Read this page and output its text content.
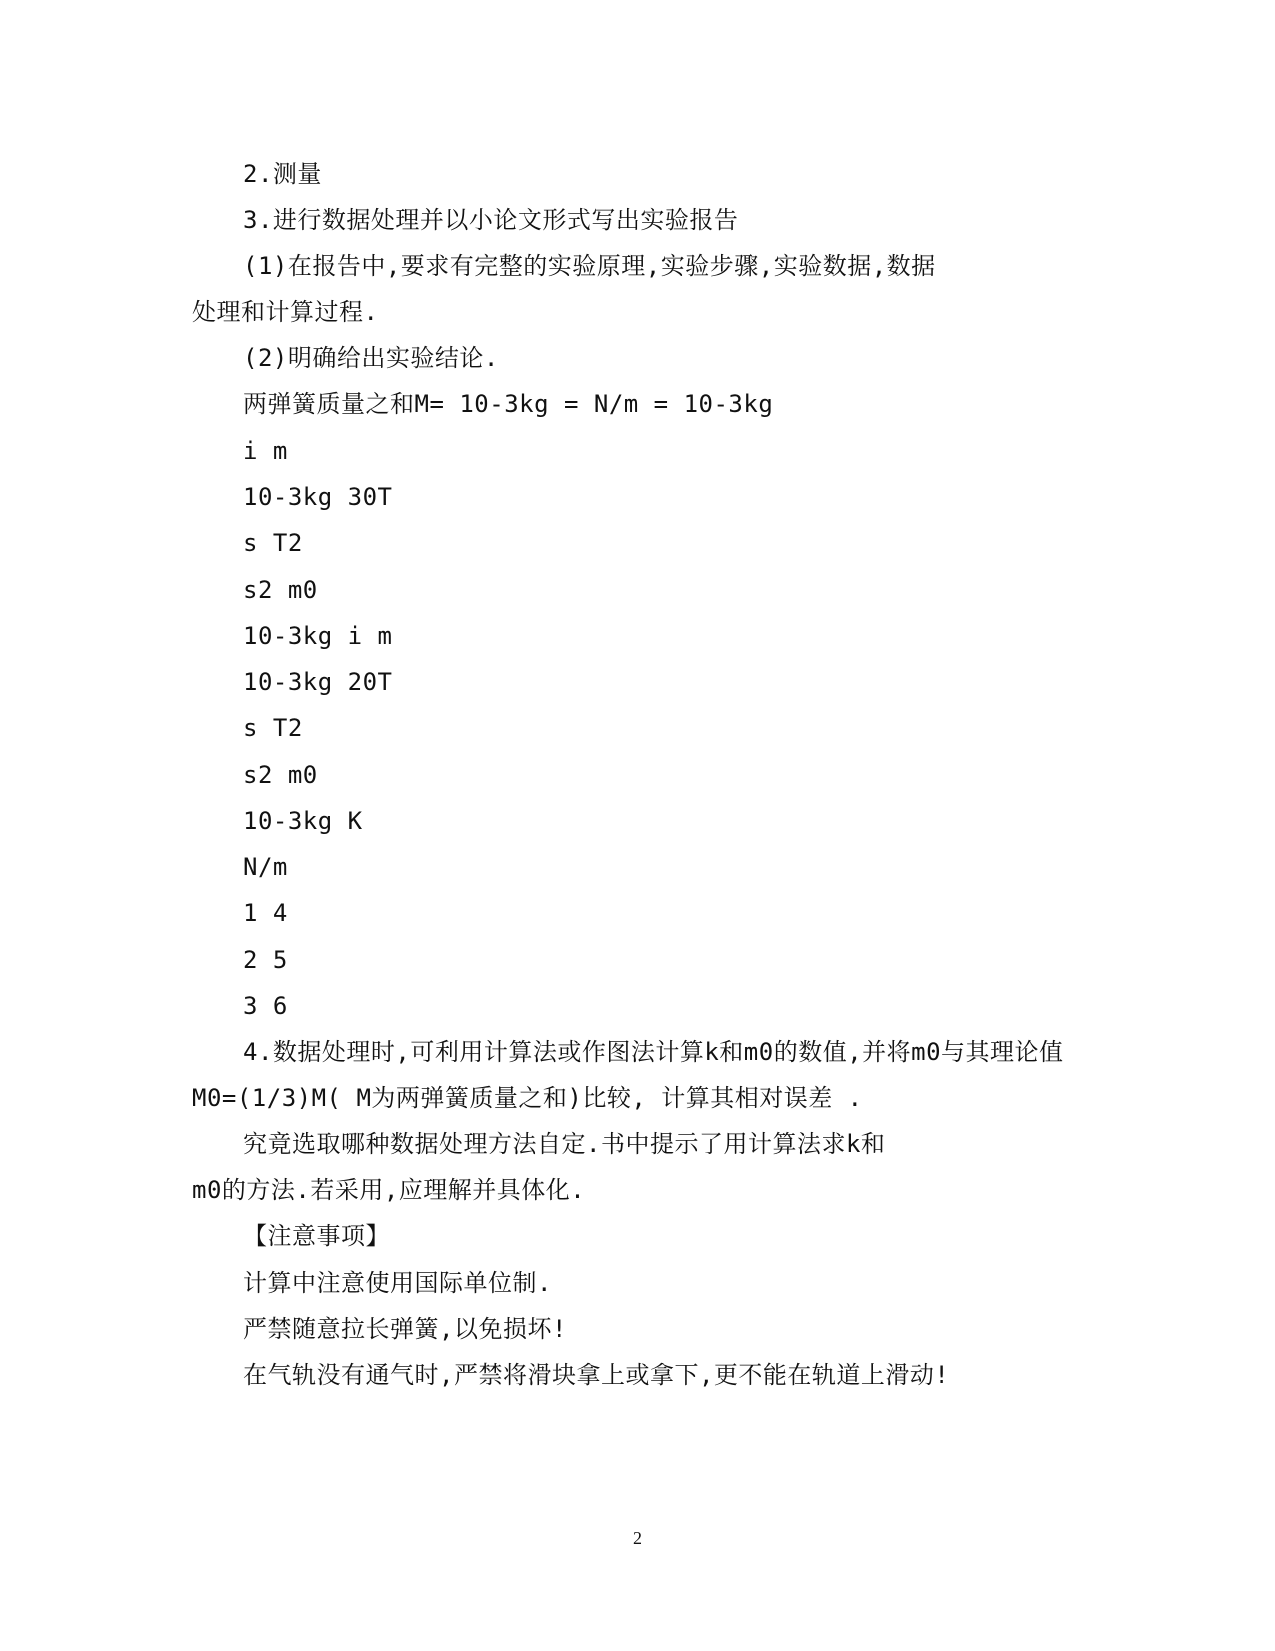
2.测量
3.进行数据处理并以小论文形式写出实验报告
(1)在报告中,要求有完整的实验原理,实验步骤,实验数据,数据
处理和计算过程.
(2)明确给出实验结论.
两弹簧质量之和M= 10-3kg = N/m = 10-3kg
i m
10-3kg 30T
s T2
s2 m0
10-3kg i m
10-3kg 20T
s T2
s2 m0
10-3kg K
N/m
1 4
2 5
3 6
4.数据处理时,可利用计算法或作图法计算k和m0的数值,并将m0与其理论值
M0=(1/3)M( M为两弹簧质量之和)比较, 计算其相对误差 .
究竟选取哪种数据处理方法自定.书中提示了用计算法求k和
m0的方法.若采用,应理解并具体化.
【注意事项】
计算中注意使用国际单位制.
严禁随意拉长弹簧,以免损坏!
在气轨没有通气时,严禁将滑块拿上或拿下,更不能在轨道上滑动!
2
